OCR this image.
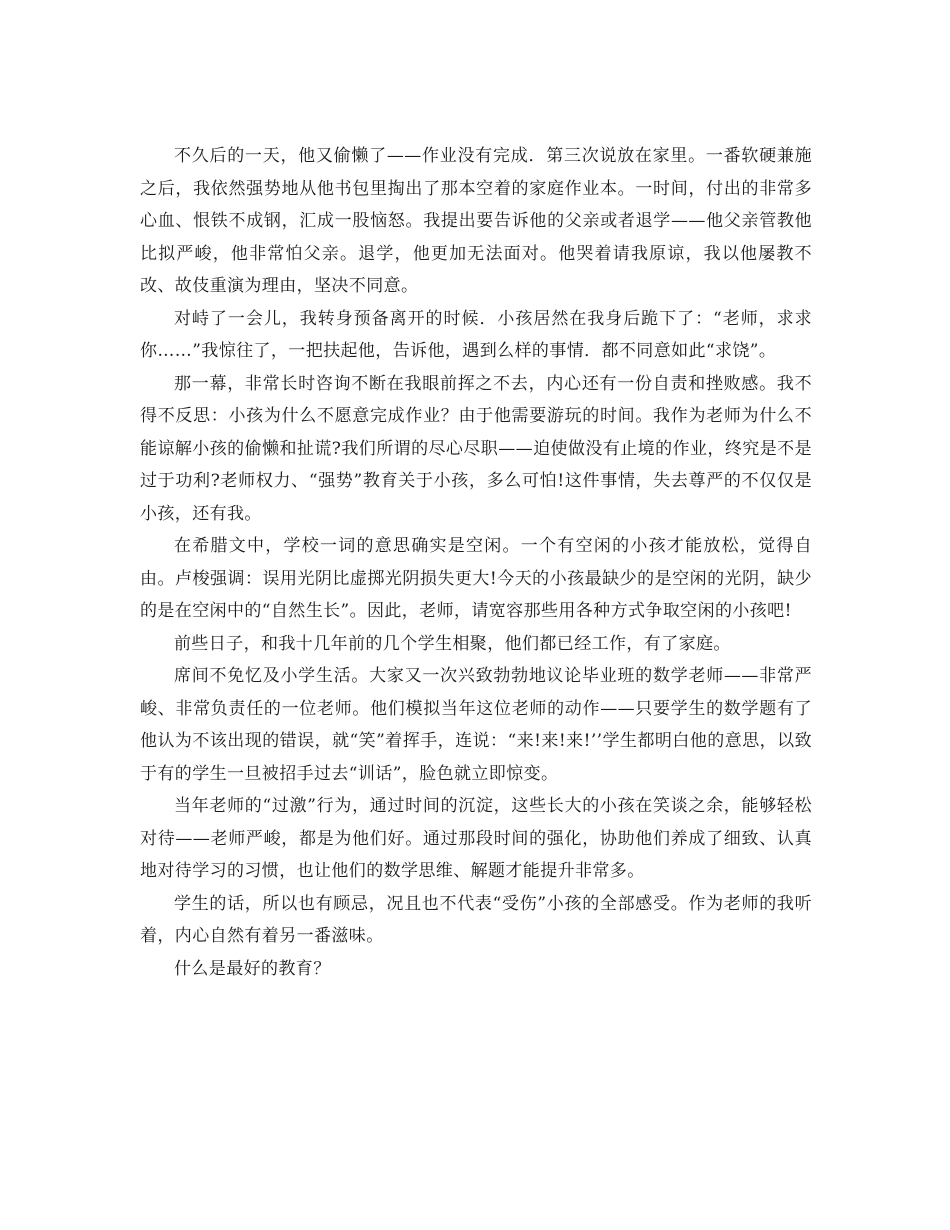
不久后的一天，他又偷懒了——作业没有完成．第三次说放在家里。一番软硬兼施之后，我依然强势地从他书包里掏出了那本空着的家庭作业本。一时间，付出的非常多心血、恨铁不成钢，汇成一股恼怒。我提出要告诉他的父亲或者退学——他父亲管教他比拟严峻，他非常怕父亲。退学，他更加无法面对。他哭着请我原谅，我以他屡教不改、故伎重演为理由，坚决不同意。

对峙了一会儿，我转身预备离开的时候．小孩居然在我身后跪下了：“老师，求求你……”我惊往了，一把扶起他，告诉他，遇到么样的事情．都不同意如此“求饶”。

那一幕，非常长时咨询不断在我眼前挥之不去，内心还有一份自责和挫败感。我不得不反思：小孩为什么不愿意完成作业？由于他需要游玩的时间。我作为老师为什么不能谅解小孩的偷懒和扯谎?我们所谓的尽心尽职——迫使做没有止境的作业，终究是不是过于功利?老师权力、“强势”教育关于小孩，多么可怕!这件事情，失去尊严的不仅仅是小孩，还有我。

在希腊文中，学校一词的意思确实是空闲。一个有空闲的小孩才能放松，觉得自由。卢梭强调：误用光阴比虚掷光阴损失更大!今天的小孩最缺少的是空闲的光阴，缺少的是在空闲中的“自然生长”。因此，老师，请宽容那些用各种方式争取空闲的小孩吧!

前些日子，和我十几年前的几个学生相聚，他们都已经工作，有了家庭。

席间不免忆及小学生活。大家又一次兴致勃勃地议论毕业班的数学老师——非常严峻、非常负责任的一位老师。他们模拟当年这位老师的动作——只要学生的数学题有了他认为不该出现的错误，就“笑”着挥手，连说：“来!来!来!’’学生都明白他的意思，以致于有的学生一旦被招手过去“训话”，脸色就立即惊变。

当年老师的“过激”行为，通过时间的沉淀，这些长大的小孩在笑谈之余，能够轻松对待——老师严峻，都是为他们好。通过那段时间的强化，协助他们养成了细致、认真地对待学习的习惯，也让他们的数学思维、解题才能提升非常多。

学生的话，所以也有顾忌，况且也不代表“受伤”小孩的全部感受。作为老师的我听着，内心自然有着另一番滋味。

什么是最好的教育？
